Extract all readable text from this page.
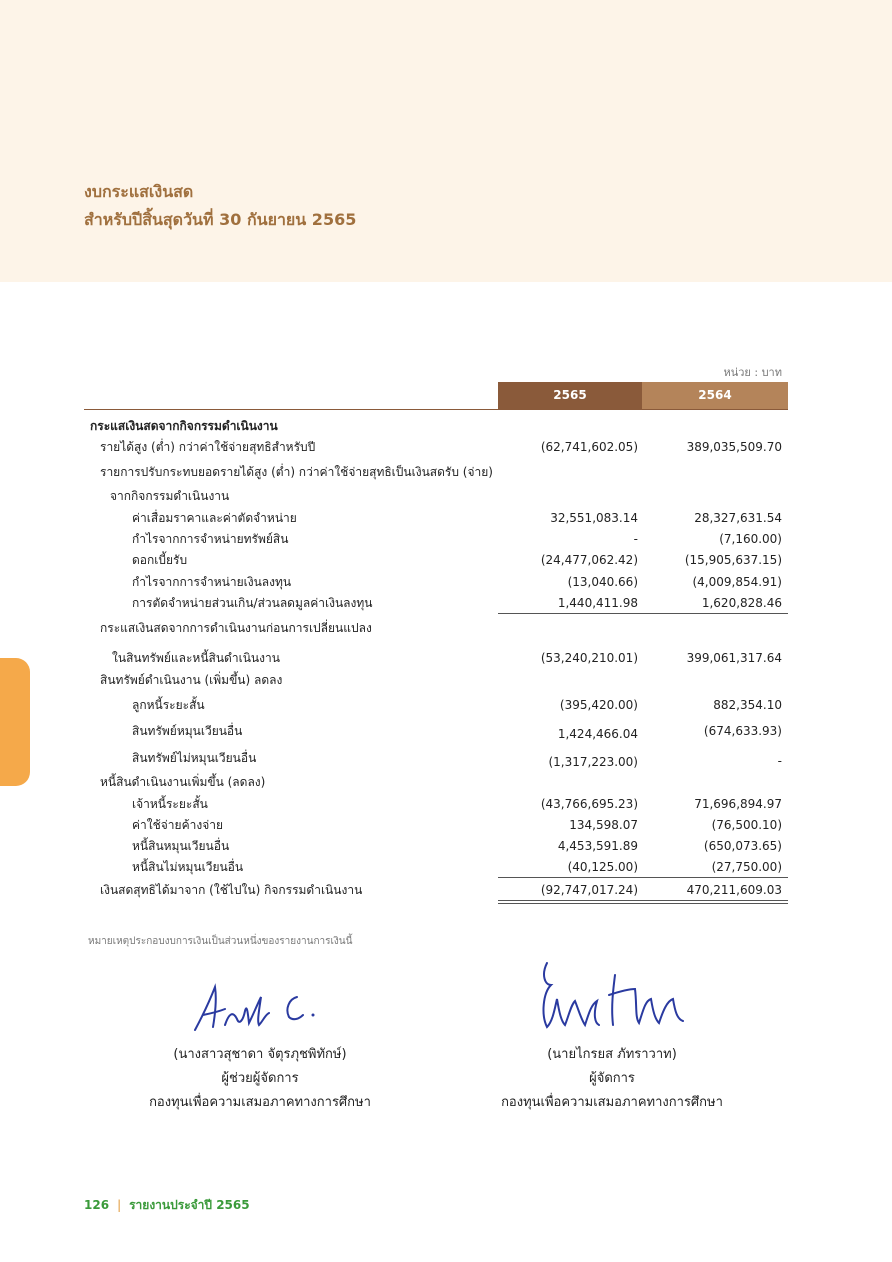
งบกระแสเงินสด
สำหรับปีสิ้นสุดวันที่ 30 กันยายน 2565
หน่วย : บาท
2565	2564
กระแสเงินสดจากกิจกรรมดำเนินงาน
รายได้สูง (ต่ำ) กว่าค่าใช้จ่ายสุทธิสำหรับปี	(62,741,602.05)	389,035,509.70
รายการปรับกระทบยอดรายได้สูง (ต่ำ) กว่าค่าใช้จ่ายสุทธิเป็นเงินสดรับ (จ่าย)
จากกิจกรรมดำเนินงาน
ค่าเสื่อมราคาและค่าตัดจำหน่าย	32,551,083.14	28,327,631.54
กำไรจากการจำหน่ายทรัพย์สิน	-	(7,160.00)
ดอกเบี้ยรับ	(24,477,062.42)	(15,905,637.15)
กำไรจากการจำหน่ายเงินลงทุน	(13,040.66)	(4,009,854.91)
การตัดจำหน่ายส่วนเกิน/ส่วนลดมูลค่าเงินลงทุน	1,440,411.98	1,620,828.46
กระแสเงินสดจากการดำเนินงานก่อนการเปลี่ยนแปลง
ในสินทรัพย์และหนี้สินดำเนินงาน	(53,240,210.01)	399,061,317.64
สินทรัพย์ดำเนินงาน (เพิ่มขึ้น) ลดลง
ลูกหนี้ระยะสั้น	(395,420.00)	882,354.10
สินทรัพย์หมุนเวียนอื่น	1,424,466.04	(674,633.93)
สินทรัพย์ไม่หมุนเวียนอื่น	(1,317,223.00)	-
หนี้สินดำเนินงานเพิ่มขึ้น (ลดลง)
เจ้าหนี้ระยะสั้น	(43,766,695.23)	71,696,894.97
ค่าใช้จ่ายค้างจ่าย	134,598.07	(76,500.10)
หนี้สินหมุนเวียนอื่น	4,453,591.89	(650,073.65)
หนี้สินไม่หมุนเวียนอื่น	(40,125.00)	(27,750.00)
เงินสดสุทธิได้มาจาก (ใช้ไปใน) กิจกรรมดำเนินงาน	(92,747,017.24)	470,211,609.03
หมายเหตุประกอบงบการเงินเป็นส่วนหนึ่งของรายงานการเงินนี้
(นางสาวสุชาดา จัตุรภุชพิทักษ์)
ผู้ช่วยผู้จัดการ
กองทุนเพื่อความเสมอภาคทางการศึกษา
(นายไกรยส ภัทราวาท)
ผู้จัดการ
กองทุนเพื่อความเสมอภาคทางการศึกษา
126 | รายงานประจำปี 2565
